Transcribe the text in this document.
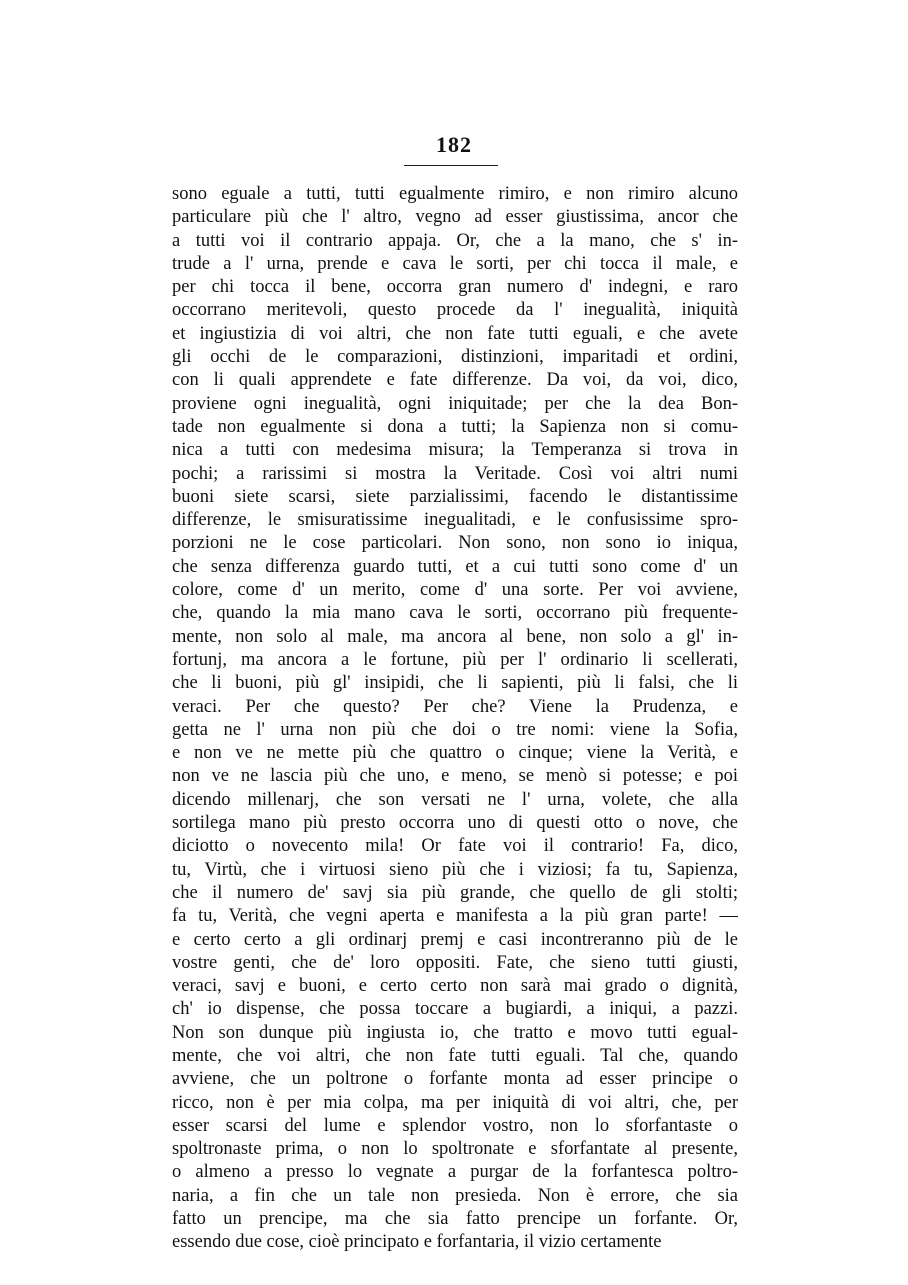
182
sono eguale a tutti, tutti egualmente rimiro, e non rimiro alcuno
particulare più che l' altro, vegno ad esser giustissima, ancor che
a tutti voi il contrario appaja. Or, che a la mano, che s' in-
trude a l' urna, prende e cava le sorti, per chi tocca il male, e
per chi tocca il bene, occorra gran numero d' indegni, e raro
occorrano meritevoli, questo procede da l' inegualità, iniquità
et ingiustizia di voi altri, che non fate tutti eguali, e che avete
gli occhi de le comparazioni, distinzioni, imparitadi et ordini,
con li quali apprendete e fate differenze. Da voi, da voi, dico,
proviene ogni inegualità, ogni iniquitade; per che la dea Bon-
tade non egualmente si dona a tutti; la Sapienza non si comu-
nica a tutti con medesima misura; la Temperanza si trova in
pochi; a rarissimi si mostra la Veritade. Così voi altri numi
buoni siete scarsi, siete parzialissimi, facendo le distantissime
differenze, le smisuratissime inegualitadi, e le confusissime spro-
porzioni ne le cose particolari. Non sono, non sono io iniqua,
che senza differenza guardo tutti, et a cui tutti sono come d' un
colore, come d' un merito, come d' una sorte. Per voi avviene,
che, quando la mia mano cava le sorti, occorrano più frequente-
mente, non solo al male, ma ancora al bene, non solo a gl' in-
fortunj, ma ancora a le fortune, più per l' ordinario li scellerati,
che li buoni, più gl' insipidi, che li sapienti, più li falsi, che li
veraci. Per che questo? Per che? Viene la Prudenza, e
getta ne l' urna non più che doi o tre nomi: viene la Sofia,
e non ve ne mette più che quattro o cinque; viene la Verità, e
non ve ne lascia più che uno, e meno, se menò si potesse; e poi
dicendo millenarj, che son versati ne l' urna, volete, che alla
sortilega mano più presto occorra uno di questi otto o nove, che
diciotto o novecento mila! Or fate voi il contrario! Fa, dico,
tu, Virtù, che i virtuosi sieno più che i viziosi; fa tu, Sapienza,
che il numero de' savj sia più grande, che quello de gli stolti;
fa tu, Verità, che vegni aperta e manifesta a la più gran parte! —
e certo certo a gli ordinarj premj e casi incontreranno più de le
vostre genti, che de' loro oppositi. Fate, che sieno tutti giusti,
veraci, savj e buoni, e certo certo non sarà mai grado o dignità,
ch' io dispense, che possa toccare a bugiardi, a iniqui, a pazzi.
Non son dunque più ingiusta io, che tratto e movo tutti egual-
mente, che voi altri, che non fate tutti eguali. Tal che, quando
avviene, che un poltrone o forfante monta ad esser principe o
ricco, non è per mia colpa, ma per iniquità di voi altri, che, per
esser scarsi del lume e splendor vostro, non lo sforfantaste o
spoltronaste prima, o non lo spoltronate e sforfantate al presente,
o almeno a presso lo vegnate a purgar de la forfantesca poltro-
naria, a fin che un tale non presieda. Non è errore, che sia
fatto un prencipe, ma che sia fatto prencipe un forfante. Or,
essendo due cose, cioè principato e forfantaria, il vizio certamente
